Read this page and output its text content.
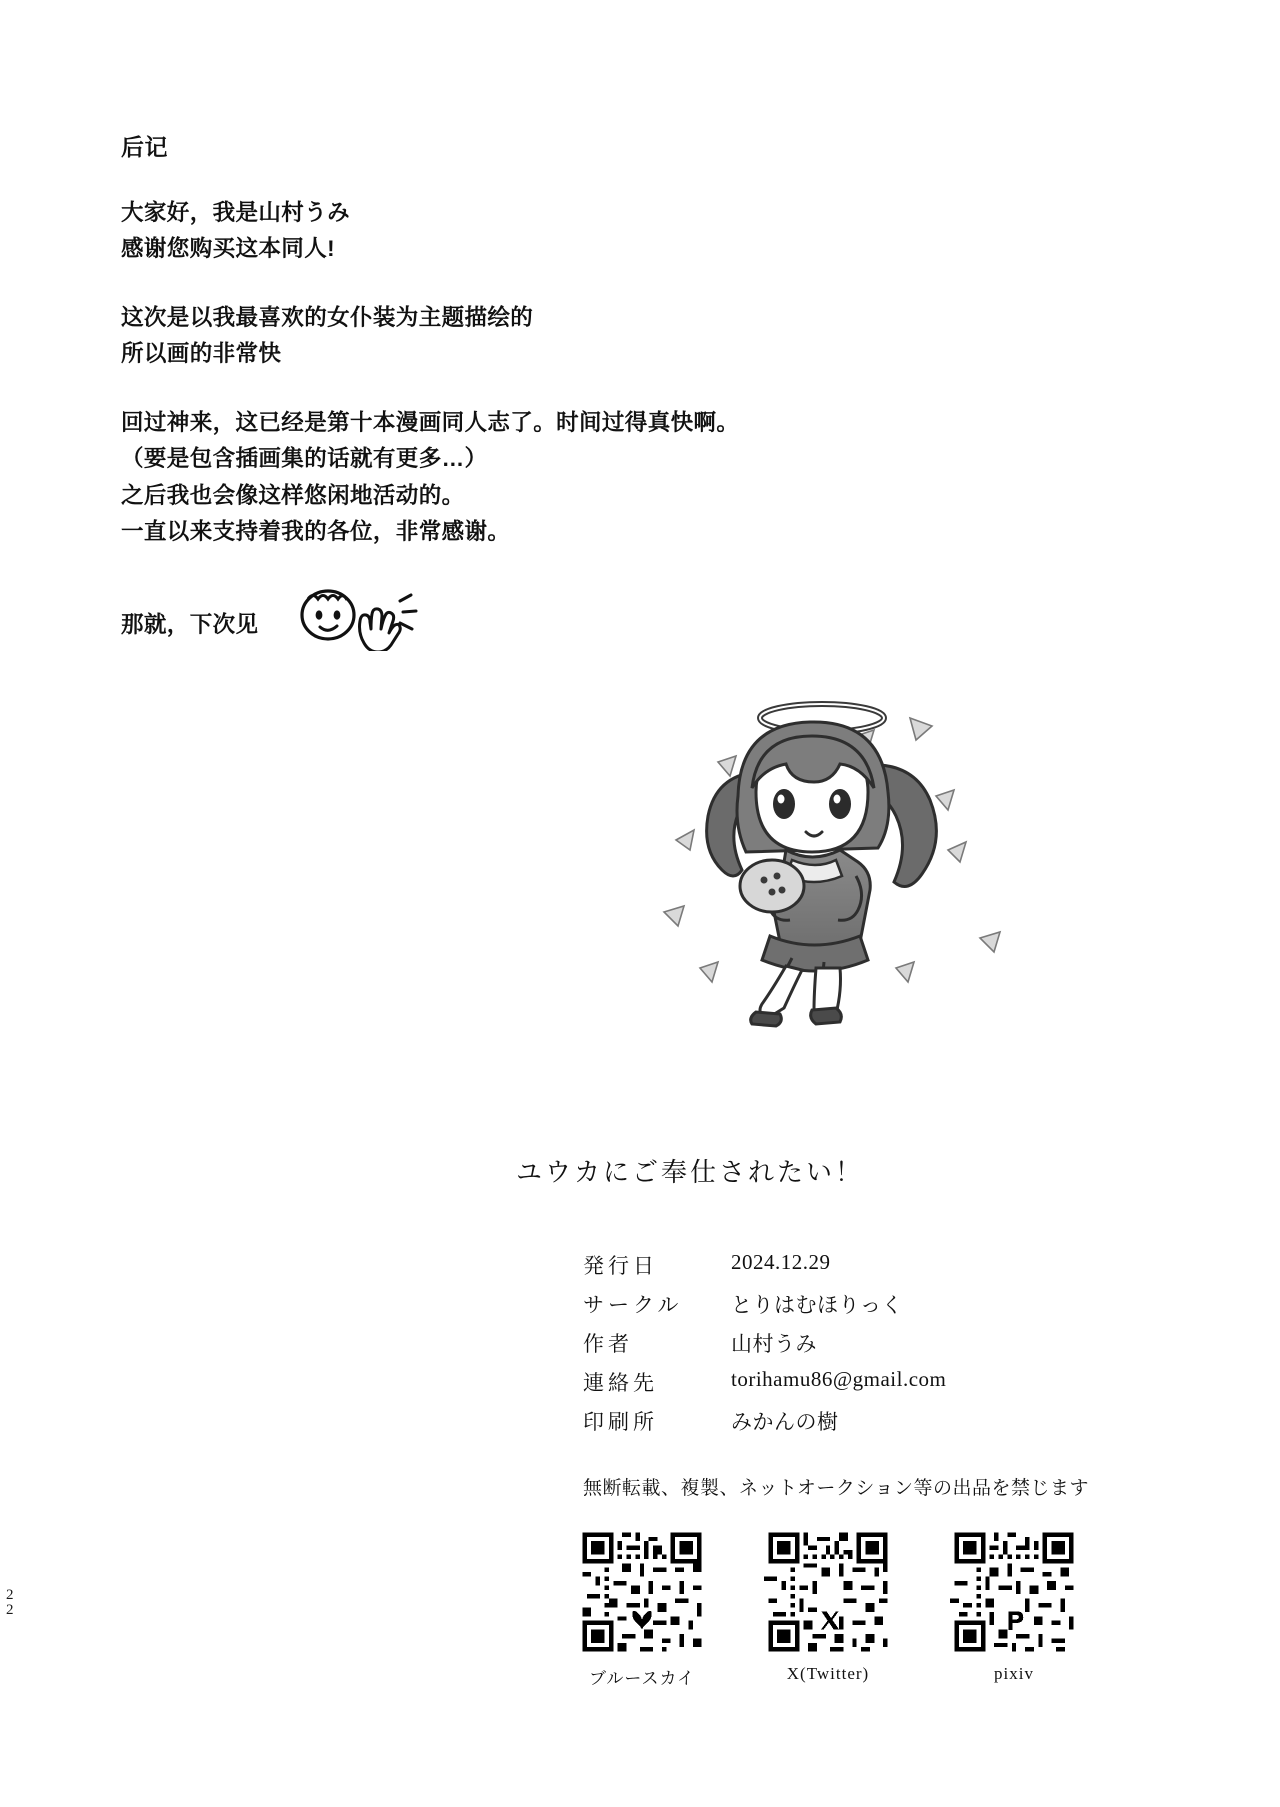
2
2
后记

大家好，我是山村うみ

感谢您购买这本同人!

这次是以我最喜欢的女仆装为主题描绘的

所以画的非常快

回过神来，这已经是第十本漫画同人志了。时间过得真快啊。

（要是包含插画集的话就有更多…）

之后我也会像这样悠闲地活动的。

一直以来支持着我的各位，非常感谢。

那就，下次见
ユウカにご奉仕されたい！
発行日	2024.12.29
サークル	とりはむほりっく
作者	山村うみ
連絡先	torihamu86@gmail.com
印刷所	みかんの樹
無断転載、複製、ネットオークション等の出品を禁じます
ブルースカイ	X(Twitter)	pixiv
